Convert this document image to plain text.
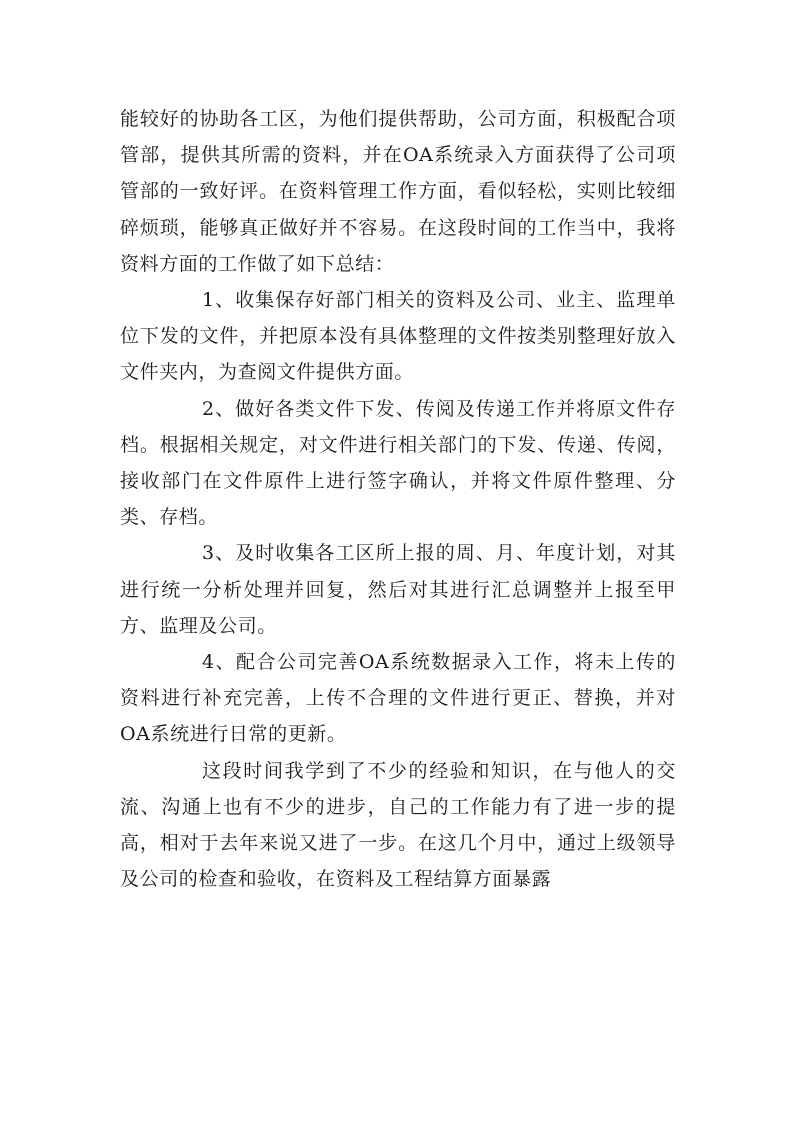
能较好的协助各工区，为他们提供帮助，公司方面，积极配合项管部，提供其所需的资料，并在OA系统录入方面获得了公司项管部的一致好评。在资料管理工作方面，看似轻松，实则比较细碎烦琐，能够真正做好并不容易。在这段时间的工作当中，我将资料方面的工作做了如下总结：

1、收集保存好部门相关的资料及公司、业主、监理单位下发的文件，并把原本没有具体整理的文件按类别整理好放入文件夹内，为查阅文件提供方面。

2、做好各类文件下发、传阅及传递工作并将原文件存档。根据相关规定，对文件进行相关部门的下发、传递、传阅，接收部门在文件原件上进行签字确认，并将文件原件整理、分类、存档。

3、及时收集各工区所上报的周、月、年度计划，对其进行统一分析处理并回复，然后对其进行汇总调整并上报至甲方、监理及公司。

4、配合公司完善OA系统数据录入工作，将未上传的资料进行补充完善，上传不合理的文件进行更正、替换，并对OA系统进行日常的更新。

这段时间我学到了不少的经验和知识，在与他人的交流、沟通上也有不少的进步，自己的工作能力有了进一步的提高，相对于去年来说又进了一步。在这几个月中，通过上级领导及公司的检查和验收，在资料及工程结算方面暴露
